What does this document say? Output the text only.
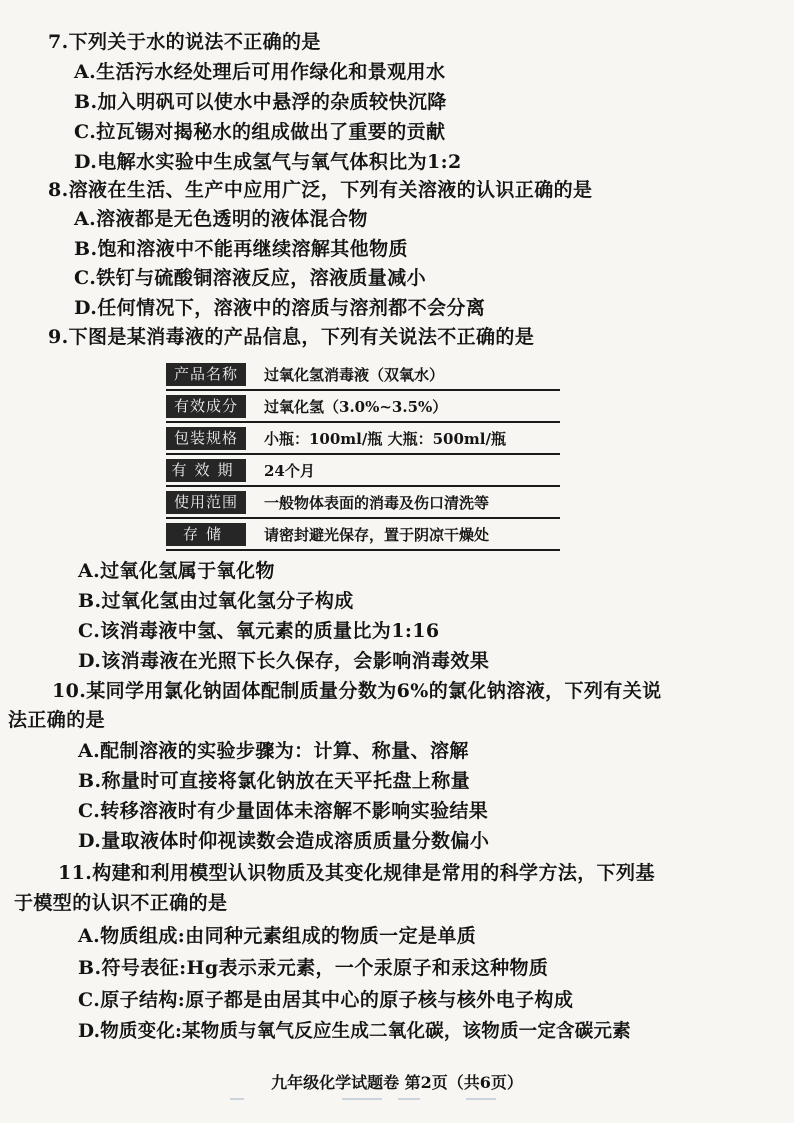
7.下列关于水的说法不正确的是
A.生活污水经处理后可用作绿化和景观用水
B.加入明矾可以使水中悬浮的杂质较快沉降
C.拉瓦锡对揭秘水的组成做出了重要的贡献
D.电解水实验中生成氢气与氧气体积比为1:2
8.溶液在生活、生产中应用广泛，下列有关溶液的认识正确的是
A.溶液都是无色透明的液体混合物
B.饱和溶液中不能再继续溶解其他物质
C.铁钉与硫酸铜溶液反应，溶液质量减小
D.任何情况下，溶液中的溶质与溶剂都不会分离
9.下图是某消毒液的产品信息，下列有关说法不正确的是
产品名称	过氧化氢消毒液（双氧水）
有效成分	过氧化氢（3.0%~3.5%）
包装规格	小瓶：100ml/瓶 大瓶：500ml/瓶
有效期	24个月
使用范围	一般物体表面的消毒及伤口清洗等
存储	请密封避光保存，置于阴凉干燥处
A.过氧化氢属于氧化物
B.过氧化氢由过氧化氢分子构成
C.该消毒液中氢、氧元素的质量比为1:16
D.该消毒液在光照下长久保存，会影响消毒效果
10.某同学用氯化钠固体配制质量分数为6%的氯化钠溶液，下列有关说
法正确的是
A.配制溶液的实验步骤为：计算、称量、溶解
B.称量时可直接将氯化钠放在天平托盘上称量
C.转移溶液时有少量固体未溶解不影响实验结果
D.量取液体时仰视读数会造成溶质质量分数偏小
11.构建和利用模型认识物质及其变化规律是常用的科学方法，下列基
于模型的认识不正确的是
A.物质组成:由同种元素组成的物质一定是单质
B.符号表征:Hg表示汞元素，一个汞原子和汞这种物质
C.原子结构:原子都是由居其中心的原子核与核外电子构成
D.物质变化:某物质与氧气反应生成二氧化碳，该物质一定含碳元素
九年级化学试题卷 第2页（共6页）
